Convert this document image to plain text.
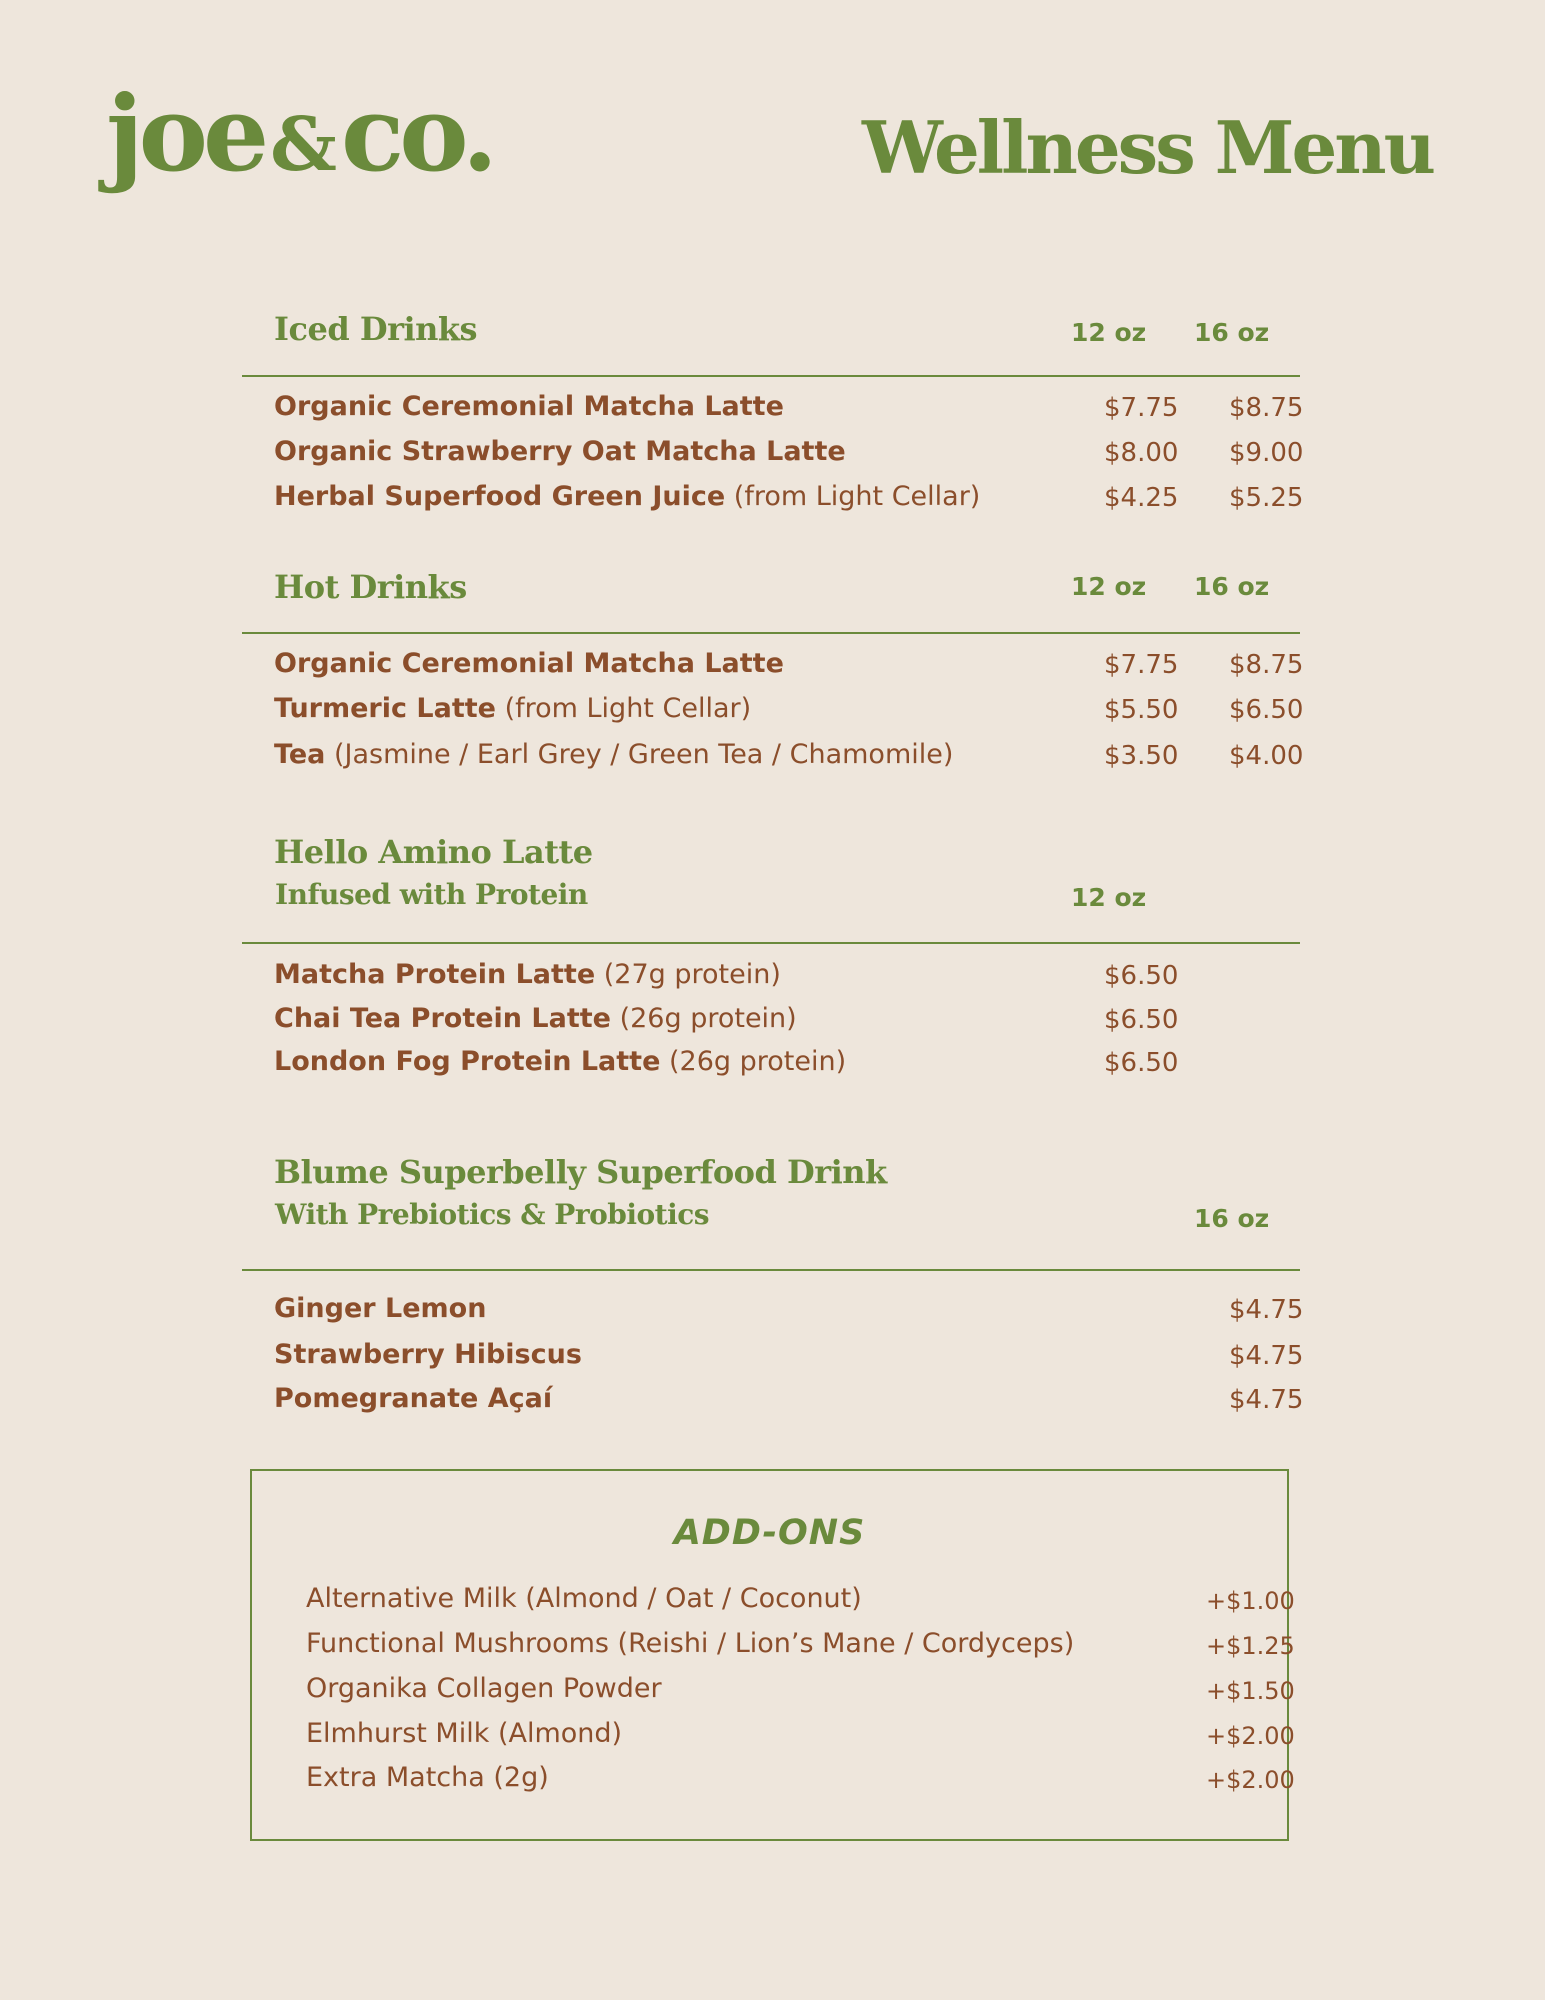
joe&co.	Wellness Menu
Iced Drinks	12 oz 16 oz
Organic Ceremonial Matcha Latte	$7.75 $8.75
Organic Strawberry Oat Matcha Latte	$8.00 $9.00
Herbal Superfood Green Juice (from Light Cellar)	$4.25 $5.25
Hot Drinks	12 oz 16 oz
Organic Ceremonial Matcha Latte	$7.75 $8.75
Turmeric Latte (from Light Cellar)	$5.50 $6.50
Tea (Jasmine / Earl Grey / Green Tea / Chamomile)	$3.50 $4.00
Hello Amino Latte
Infused with Protein	12 oz
Matcha Protein Latte (27g protein)	$6.50
Chai Tea Protein Latte (26g protein)	$6.50
London Fog Protein Latte (26g protein)	$6.50
Blume Superbelly Superfood Drink
With Prebiotics & Probiotics	16 oz
Ginger Lemon	$4.75
Strawberry Hibiscus	$4.75
Pomegranate Açaí	$4.75
ADD-ONS
Alternative Milk (Almond / Oat / Coconut)	+$1.00
Functional Mushrooms (Reishi / Lion’s Mane / Cordyceps)	+$1.25
Organika Collagen Powder	+$1.50
Elmhurst Milk (Almond)	+$2.00
Extra Matcha (2g)	+$2.00
